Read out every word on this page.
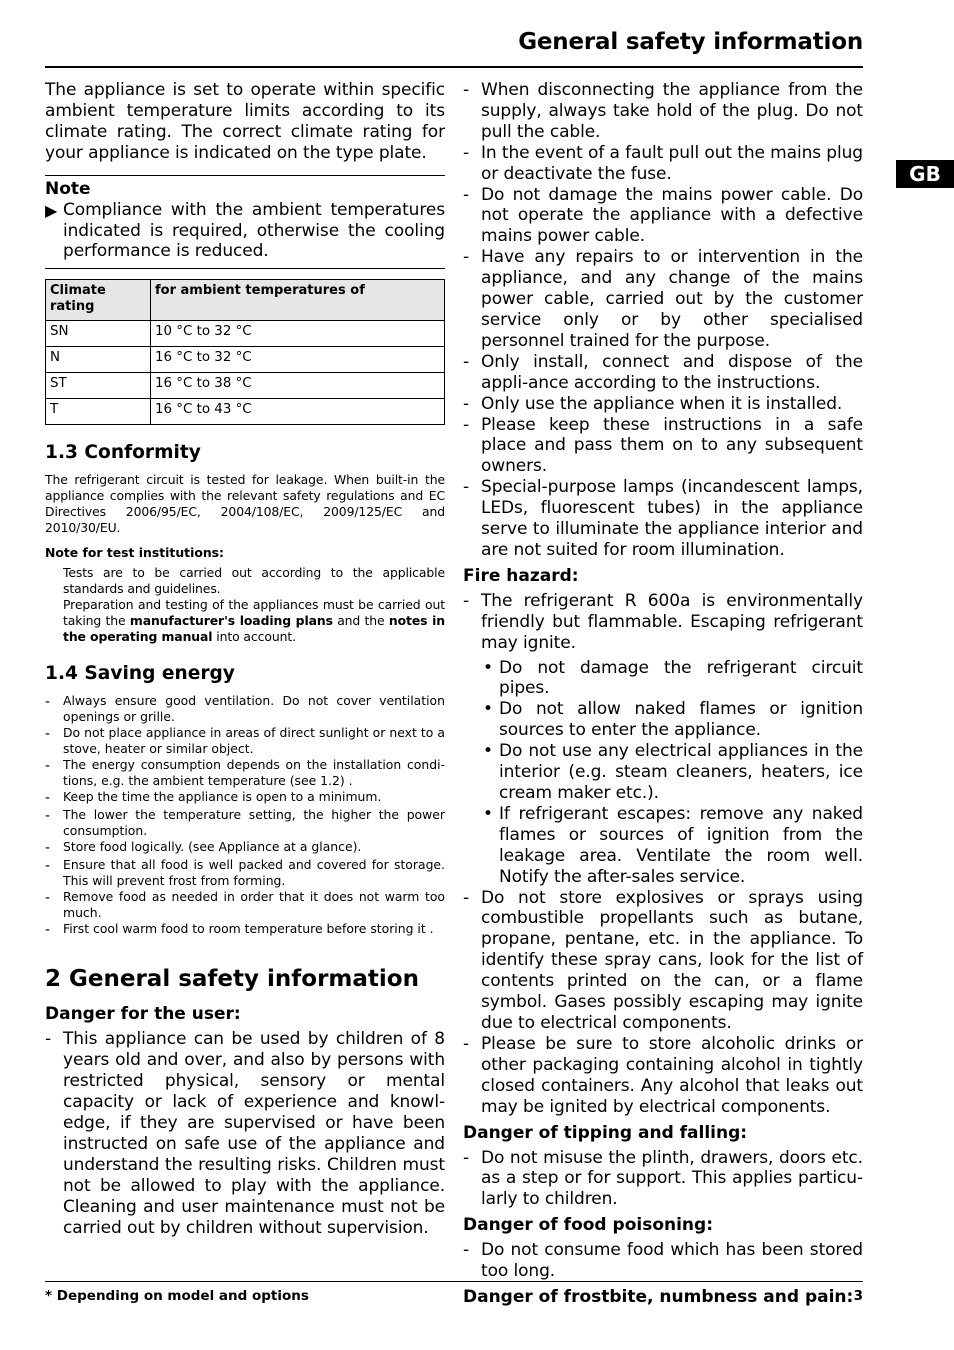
General safety information
GB

The appliance is set to operate within specific ambient temperature limits according to its climate rating. The correct climate rating for your appliance is indicated on the type plate.

Note
▶ Compliance with the ambient temperatures indicated is required, otherwise the cooling performance is reduced.
Climate rating	for ambient temperatures of
SN	10 °C to 32 °C
N	16 °C to 32 °C
ST	16 °C to 38 °C
T	16 °C to 43 °C
1.3 Conformity

The refrigerant circuit is tested for leakage. When built-in the appliance complies with the relevant safety regulations and EC Directives 2006/95/EC, 2004/108/EC, 2009/125/EC and 2010/30/EU.

Note for test institutions:

Tests are to be carried out according to the applicable standards and guidelines.

Preparation and testing of the appliances must be carried out taking the manufacturer's loading plans and the notes in the operating manual into account.

1.4 Saving energy
-	Always ensure good ventilation. Do not cover ventilation openings or grille.
-	Do not place appliance in areas of direct sunlight or next to a stove, heater or similar object.
-	The energy consumption depends on the installation condi-tions, e.g. the ambient temperature (see 1.2) .
-	Keep the time the appliance is open to a minimum.
-	The lower the temperature setting, the higher the power consumption.
-	Store food logically. (see Appliance at a glance).
-	Ensure that all food is well packed and covered for storage. This will prevent frost from forming.
-	Remove food as needed in order that it does not warm too much.
-	First cool warm food to room temperature before storing it .
2 General safety information
Danger for the user:
- This appliance can be used by children of 8 years old and over, and also by persons with restricted physical, sensory or mental capacity or lack of experience and knowl-edge, if they are supervised or have been instructed on safe use of the appliance and understand the resulting risks. Children must not be allowed to play with the appliance. Cleaning and user maintenance must not be carried out by children without supervision.
- When disconnecting the appliance from the supply, always take hold of the plug. Do not pull the cable.
- In the event of a fault pull out the mains plug or deactivate the fuse.
- Do not damage the mains power cable. Do not operate the appliance with a defective mains power cable.
- Have any repairs to or intervention in the appliance, and any change of the mains power cable, carried out by the customer service only or by other specialised personnel trained for the purpose.
- Only install, connect and dispose of the appli-ance according to the instructions.
- Only use the appliance when it is installed.
- Please keep these instructions in a safe place and pass them on to any subsequent owners.
- Special-purpose lamps (incandescent lamps, LEDs, fluorescent tubes) in the appliance serve to illuminate the appliance interior and are not suited for room illumination.
Fire hazard:
- The refrigerant R 600a is environmentally friendly but flammable. Escaping refrigerant may ignite.
• Do not damage the refrigerant circuit pipes.
• Do not allow naked flames or ignition sources to enter the appliance.
• Do not use any electrical appliances in the interior (e.g. steam cleaners, heaters, ice cream maker etc.).
• If refrigerant escapes: remove any naked flames or sources of ignition from the leakage area. Ventilate the room well. Notify the after-sales service.
- Do not store explosives or sprays using combustible propellants such as butane, propane, pentane, etc. in the appliance. To identify these spray cans, look for the list of contents printed on the can, or a flame symbol. Gases possibly escaping may ignite due to electrical components.
- Please be sure to store alcoholic drinks or other packaging containing alcohol in tightly closed containers. Any alcohol that leaks out may be ignited by electrical components.
Danger of tipping and falling:
- Do not misuse the plinth, drawers, doors etc. as a step or for support. This applies particu-larly to children.
Danger of food poisoning:
- Do not consume food which has been stored too long.
Danger of frostbite, numbness and pain:
* Depending on model and options	3
